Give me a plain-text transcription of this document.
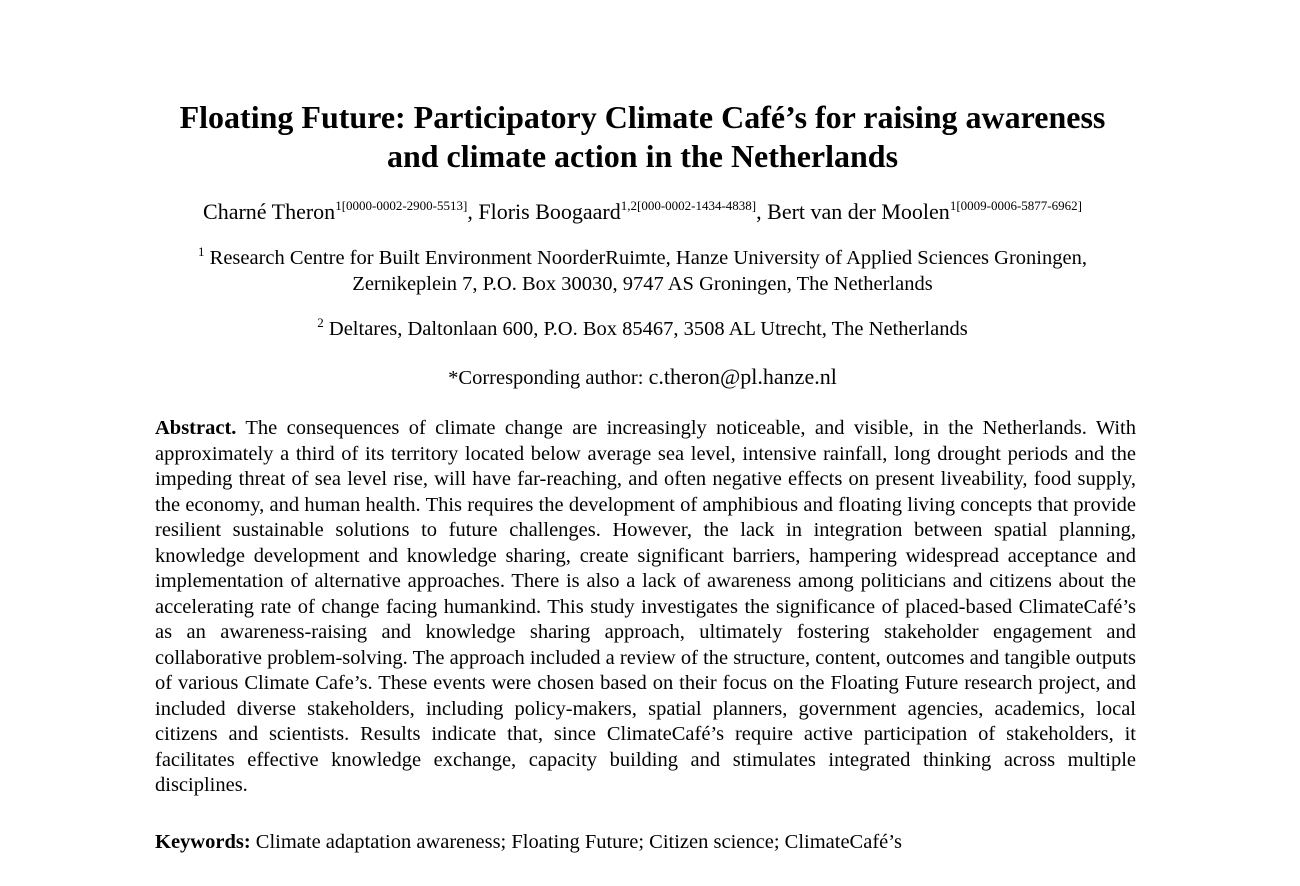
Floating Future: Participatory Climate Café’s for raising awareness
and climate action in the Netherlands
Charné Theron$^{1[0000-0002-2900-5513]}$, Floris Boogaard$^{1,2[000-0002-1434-4838]}$, Bert van der Moolen$^{1[0009-0006-5877-6962]}$
$^1$ Research Centre for Built Environment NoorderRuimte, Hanze University of Applied Sciences Groningen,
Zernikeplein 7, P.O. Box 30030, 9747 AS Groningen, The Netherlands
$^2$ Deltares, Daltonlaan 600, P.O. Box 85467, 3508 AL Utrecht, The Netherlands
*Corresponding author: c.theron@pl.hanze.nl

Abstract. The consequences of climate change are increasingly noticeable, and visible, in the Netherlands. With approximately a third of its territory located below average sea level, intensive rainfall, long drought periods and the impeding threat of sea level rise, will have far-reaching, and often negative effects on present liveability, food supply, the economy, and human health. This requires the development of amphibious and floating living concepts that provide resilient sustainable solutions to future challenges. However, the lack in integration between spatial planning, knowledge development and knowledge sharing, create significant barriers, hampering widespread acceptance and implementation of alternative approaches. There is also a lack of awareness among politicians and citizens about the accelerating rate of change facing humankind. This study investigates the significance of placed-based ClimateCafé’s as an awareness-raising and knowledge sharing approach, ultimately fostering stakeholder engagement and collaborative problem-solving. The approach included a review of the structure, content, outcomes and tangible outputs of various Climate Cafe’s. These events were chosen based on their focus on the Floating Future research project, and included diverse stakeholders, including policy-makers, spatial planners, government agencies, academics, local citizens and scientists. Results indicate that, since ClimateCafé’s require active participation of stakeholders, it facilitates effective knowledge exchange, capacity building and stimulates integrated thinking across multiple disciplines.

Keywords: Climate adaptation awareness; Floating Future; Citizen science; ClimateCafé’s
